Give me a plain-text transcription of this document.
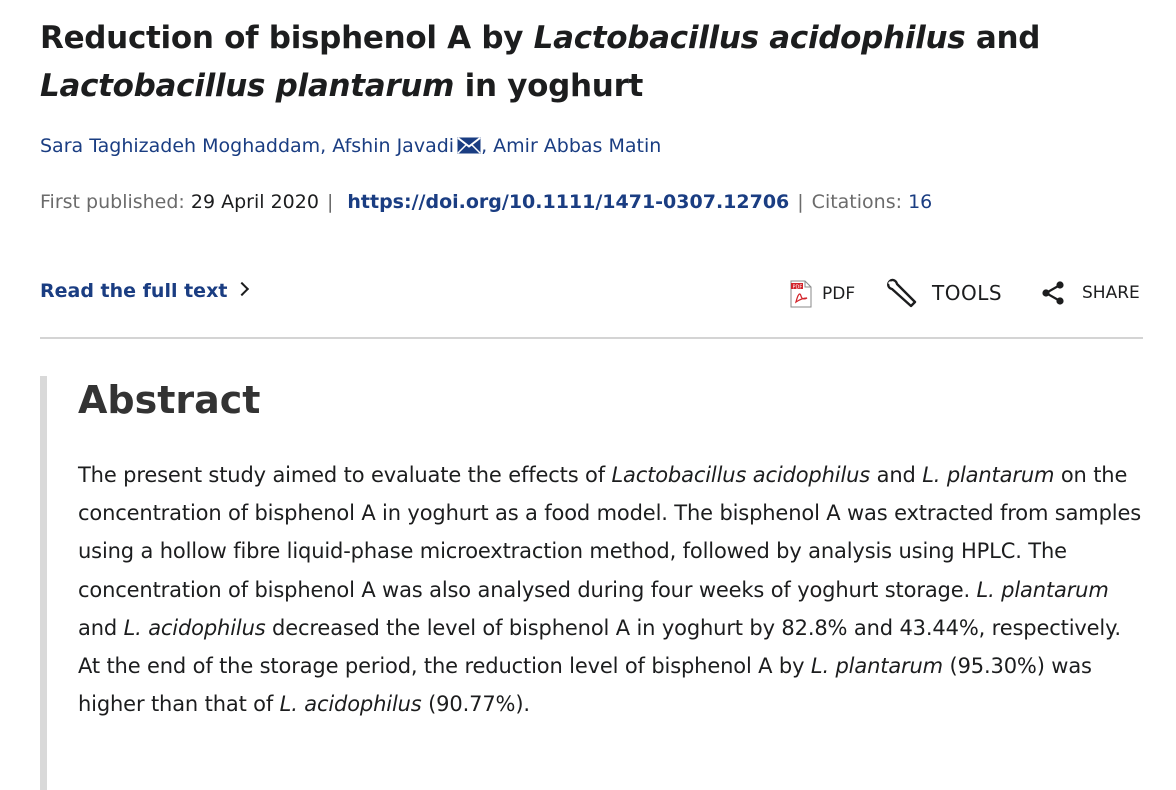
Reduction of bisphenol A by Lactobacillus acidophilus and
Lactobacillus plantarum in yoghurt
Sara Taghizadeh Moghaddam, Afshin Javadi , Amir Abbas Matin
First published: 29 April 2020 | https://doi.org/10.1111/1471-0307.12706 | Citations: 16
Read the full text	PDF PDF	TOOLS	SHARE
Abstract

The present study aimed to evaluate the effects of Lactobacillus acidophilus and L. plantarum on the concentration of bisphenol A in yoghurt as a food model. The bisphenol A was extracted from samples using a hollow fibre liquid-phase microextraction method, followed by analysis using HPLC. The concentration of bisphenol A was also analysed during four weeks of yoghurt storage. L. plantarum and L. acidophilus decreased the level of bisphenol A in yoghurt by 82.8% and 43.44%, respectively. At the end of the storage period, the reduction level of bisphenol A by L. plantarum (95.30%) was higher than that of L. acidophilus (90.77%).
